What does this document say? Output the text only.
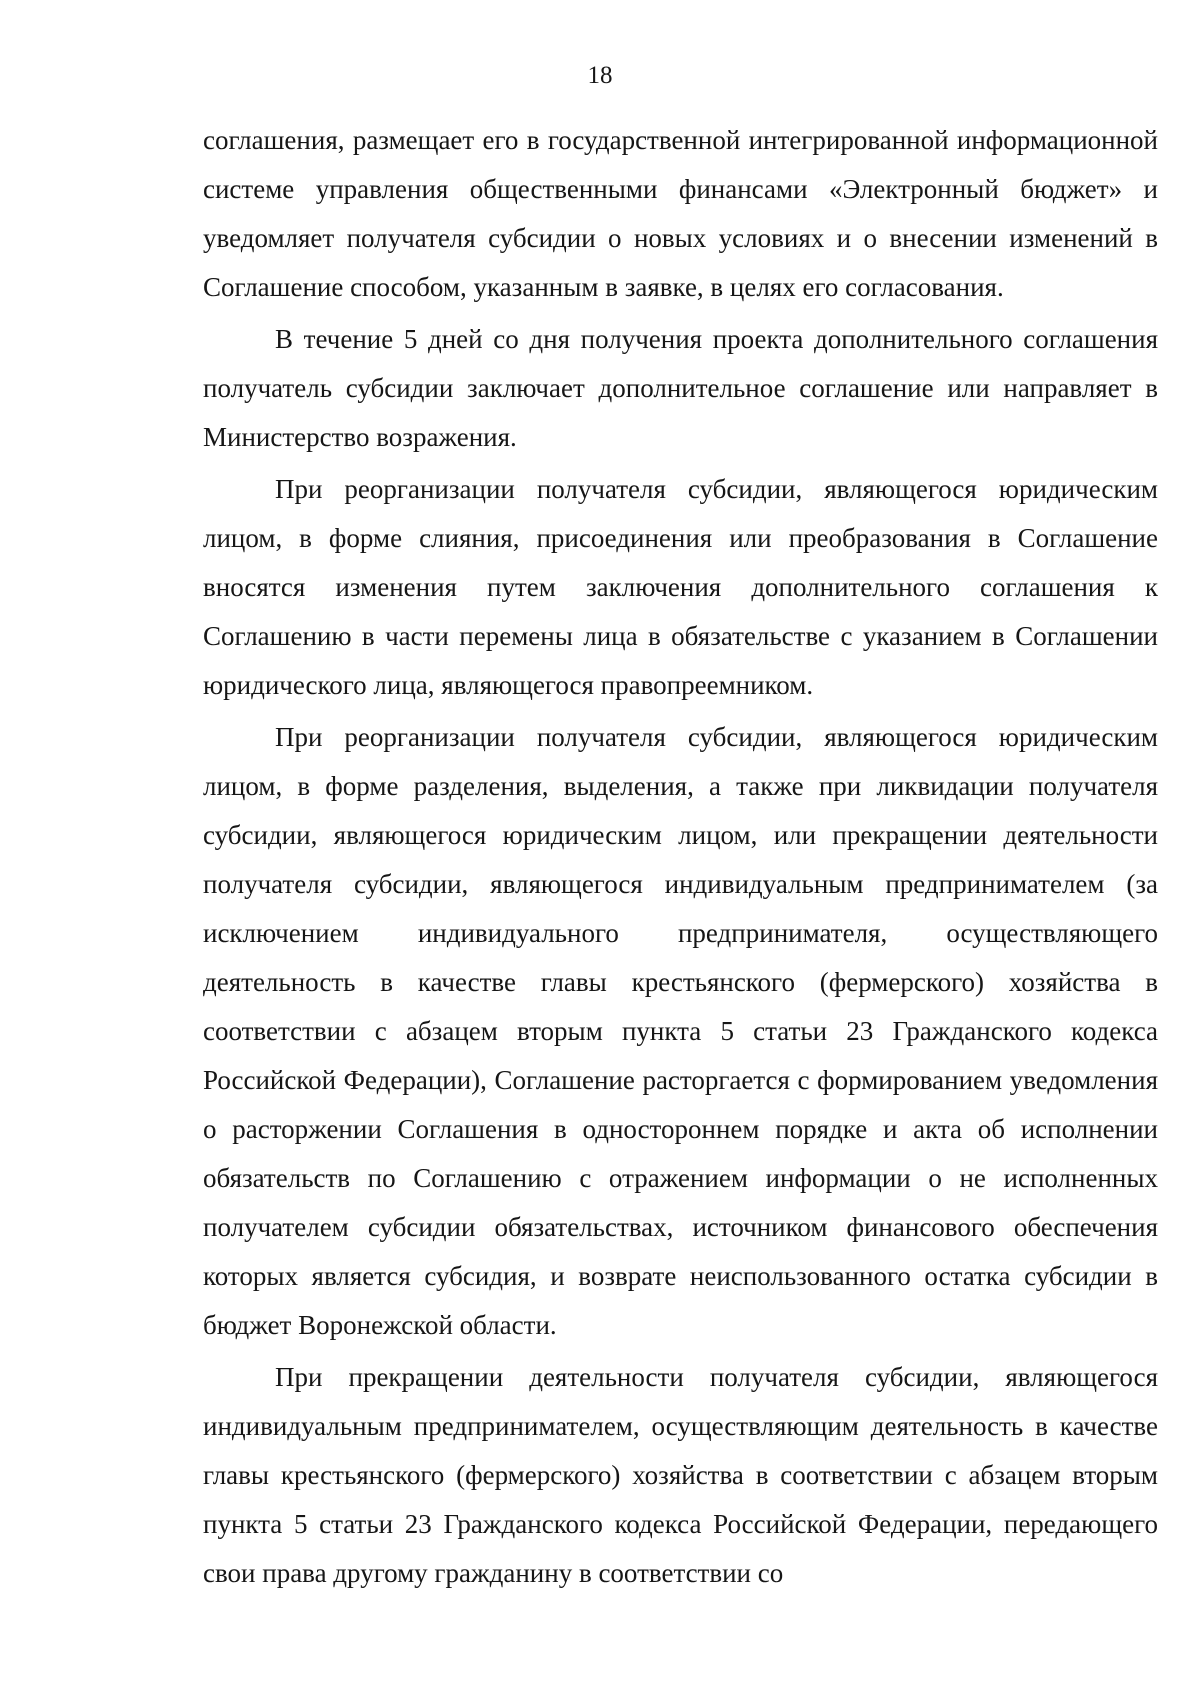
18

соглашения, размещает его в государственной интегрированной информационной системе управления общественными финансами «Электронный бюджет» и уведомляет получателя субсидии о новых условиях и о внесении изменений в Соглашение способом, указанным в заявке, в целях его согласования.

В течение 5 дней со дня получения проекта дополнительного соглашения получатель субсидии заключает дополнительное соглашение или направляет в Министерство возражения.

При реорганизации получателя субсидии, являющегося юридическим лицом, в форме слияния, присоединения или преобразования в Соглашение вносятся изменения путем заключения дополнительного соглашения к Соглашению в части перемены лица в обязательстве с указанием в Соглашении юридического лица, являющегося правопреемником.

При реорганизации получателя субсидии, являющегося юридическим лицом, в форме разделения, выделения, а также при ликвидации получателя субсидии, являющегося юридическим лицом, или прекращении деятельности получателя субсидии, являющегося индивидуальным предпринимателем (за исключением индивидуального предпринимателя, осуществляющего деятельность в качестве главы крестьянского (фермерского) хозяйства в соответствии с абзацем вторым пункта 5 статьи 23 Гражданского кодекса Российской Федерации), Соглашение расторгается с формированием уведомления о расторжении Соглашения в одностороннем порядке и акта об исполнении обязательств по Соглашению с отражением информации о не исполненных получателем субсидии обязательствах, источником финансового обеспечения которых является субсидия, и возврате неиспользованного остатка субсидии в бюджет Воронежской области.

При прекращении деятельности получателя субсидии, являющегося индивидуальным предпринимателем, осуществляющим деятельность в качестве главы крестьянского (фермерского) хозяйства в соответствии с абзацем вторым пункта 5 статьи 23 Гражданского кодекса Российской Федерации, передающего свои права другому гражданину в соответствии со
